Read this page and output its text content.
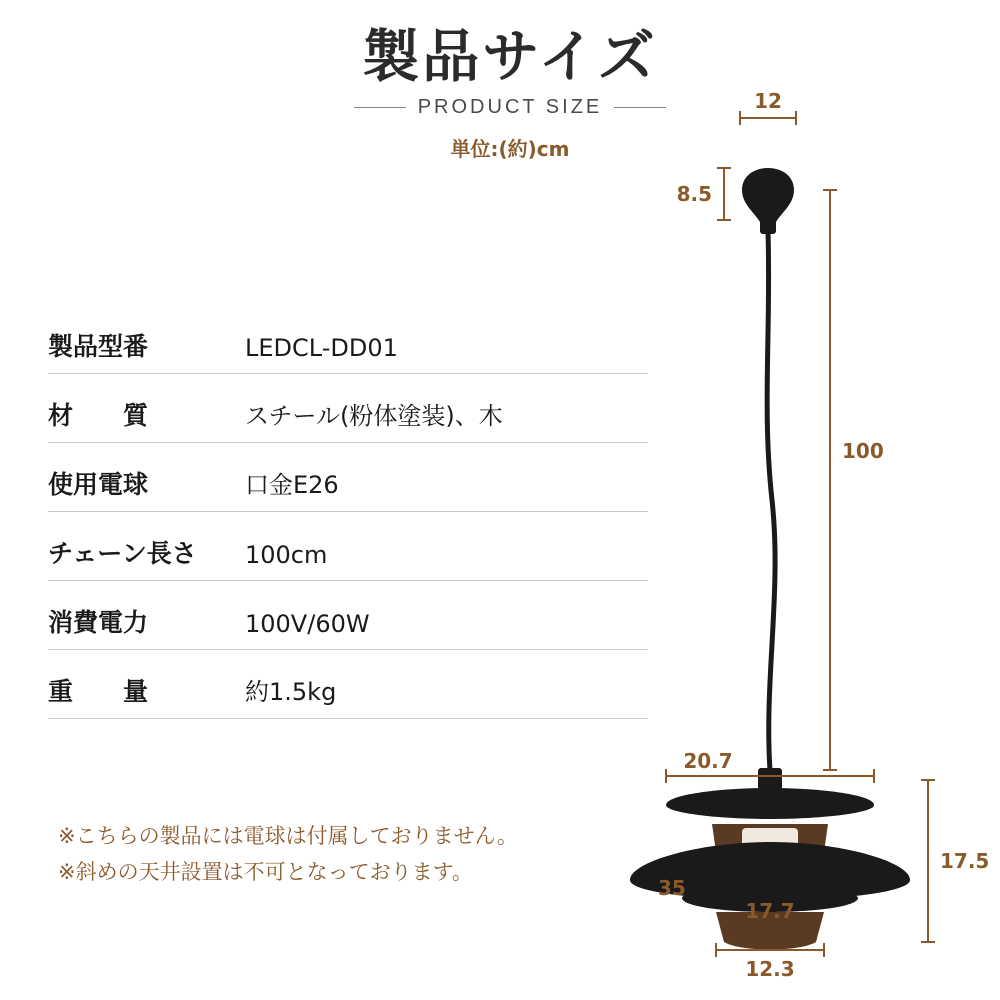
製品サイズ
PRODUCT SIZE
単位:(約)cm
製品型番	LEDCL-DD01
材　　質	スチール(粉体塗装)、木
使用電球	口金E26
チェーン長さ	100cm
消費電力	100V/60W
重　　量	約1.5kg
※こちらの製品には電球は付属しておりません。
※斜めの天井設置は不可となっております。
12
8.5
100
20.7
17.5
35
17.7
12.3
